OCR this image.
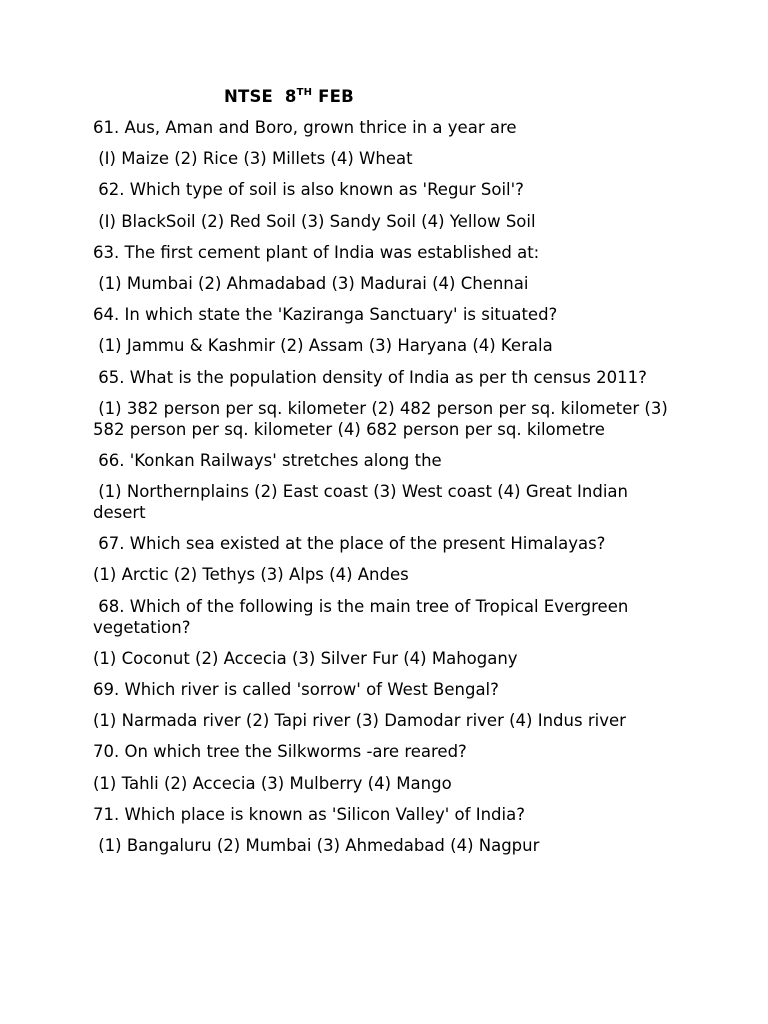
NTSE  8TH FEB

61. Aus, Aman and Boro, grown thrice in a year are

(I) Maize (2) Rice (3) Millets (4) Wheat

62. Which type of soil is also known as 'Regur Soil'?

(I) BlackSoil (2) Red Soil (3) Sandy Soil (4) Yellow Soil

63. The first cement plant of India was established at:

(1) Mumbai (2) Ahmadabad (3) Madurai (4) Chennai

64. In which state the 'Kaziranga Sanctuary' is situated?

(1) Jammu & Kashmir (2) Assam (3) Haryana (4) Kerala

65. What is the population density of India as per th census 2011?

(1) 382 person per sq. kilometer (2) 482 person per sq. kilometer (3) 582 person per sq. kilometer (4) 682 person per sq. kilometre

66. 'Konkan Railways' stretches along the

(1) Northernplains (2) East coast (3) West coast (4) Great Indian desert

67. Which sea existed at the place of the present Himalayas?

(1) Arctic (2) Tethys (3) Alps (4) Andes

68. Which of the following is the main tree of Tropical Evergreen vegetation?

(1) Coconut (2) Accecia (3) Silver Fur (4) Mahogany

69. Which river is called 'sorrow' of West Bengal?

(1) Narmada river (2) Tapi river (3) Damodar river (4) Indus river

70. On which tree the Silkworms -are reared?

(1) Tahli (2) Accecia (3) Mulberry (4) Mango

71. Which place is known as 'Silicon Valley' of India?

(1) Bangaluru (2) Mumbai (3) Ahmedabad (4) Nagpur
